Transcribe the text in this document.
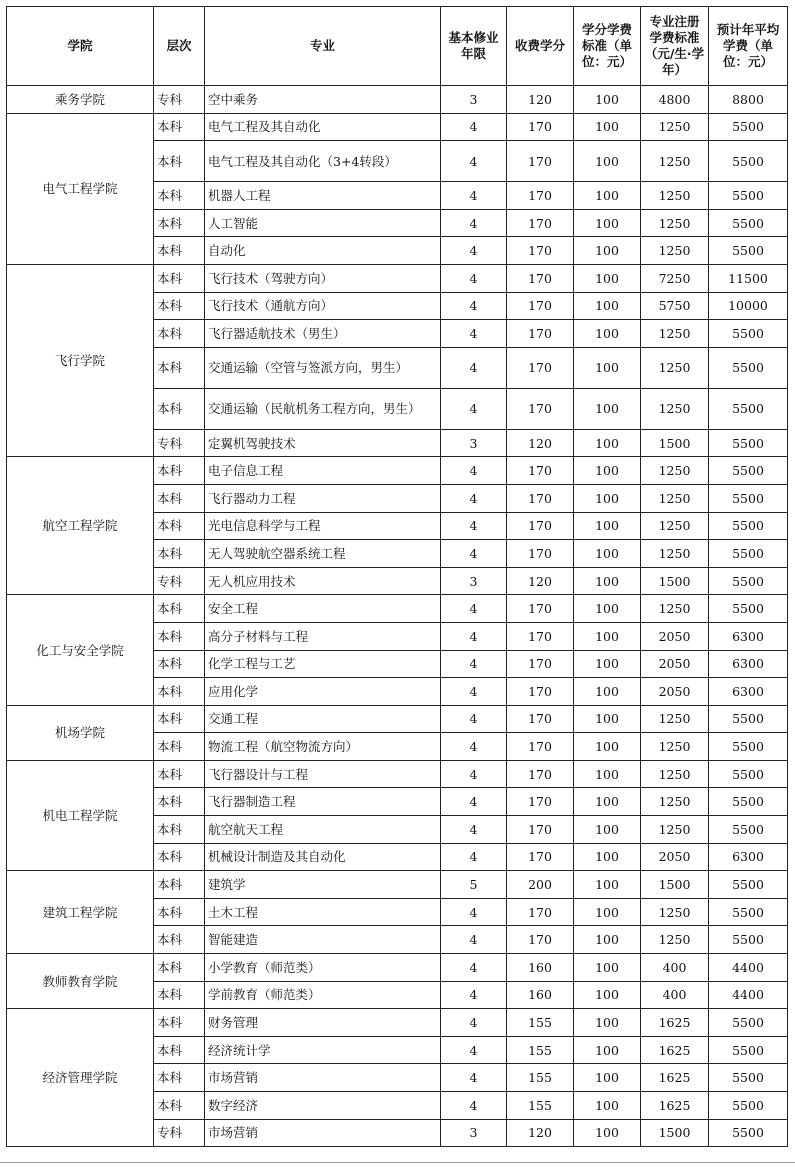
学院	层次	专业	基本修业年限	收费学分	学分学费标准（单位：元）	专业注册学费标准（元/生·学年）	预计年平均学费（单位：元）
乘务学院	专科	空中乘务	3	120	100	4800	8800
电气工程学院	本科	电气工程及其自动化	4	170	100	1250	5500
	本科	电气工程及其自动化（3+4转段）	4	170	100	1250	5500
	本科	机器人工程	4	170	100	1250	5500
	本科	人工智能	4	170	100	1250	5500
	本科	自动化	4	170	100	1250	5500
飞行学院	本科	飞行技术（驾驶方向）	4	170	100	7250	11500
	本科	飞行技术（通航方向）	4	170	100	5750	10000
	本科	飞行器适航技术（男生）	4	170	100	1250	5500
	本科	交通运输（空管与签派方向，男生）	4	170	100	1250	5500
	本科	交通运输（民航机务工程方向，男生）	4	170	100	1250	5500
	专科	定翼机驾驶技术	3	120	100	1500	5500
航空工程学院	本科	电子信息工程	4	170	100	1250	5500
	本科	飞行器动力工程	4	170	100	1250	5500
	本科	光电信息科学与工程	4	170	100	1250	5500
	本科	无人驾驶航空器系统工程	4	170	100	1250	5500
	专科	无人机应用技术	3	120	100	1500	5500
化工与安全学院	本科	安全工程	4	170	100	1250	5500
	本科	高分子材料与工程	4	170	100	2050	6300
	本科	化学工程与工艺	4	170	100	2050	6300
	本科	应用化学	4	170	100	2050	6300
机场学院	本科	交通工程	4	170	100	1250	5500
	本科	物流工程（航空物流方向）	4	170	100	1250	5500
机电工程学院	本科	飞行器设计与工程	4	170	100	1250	5500
	本科	飞行器制造工程	4	170	100	1250	5500
	本科	航空航天工程	4	170	100	1250	5500
	本科	机械设计制造及其自动化	4	170	100	2050	6300
建筑工程学院	本科	建筑学	5	200	100	1500	5500
	本科	土木工程	4	170	100	1250	5500
	本科	智能建造	4	170	100	1250	5500
教师教育学院	本科	小学教育（师范类）	4	160	100	400	4400
	本科	学前教育（师范类）	4	160	100	400	4400
经济管理学院	本科	财务管理	4	155	100	1625	5500
	本科	经济统计学	4	155	100	1625	5500
	本科	市场营销	4	155	100	1625	5500
	本科	数字经济	4	155	100	1625	5500
	专科	市场营销	3	120	100	1500	5500
